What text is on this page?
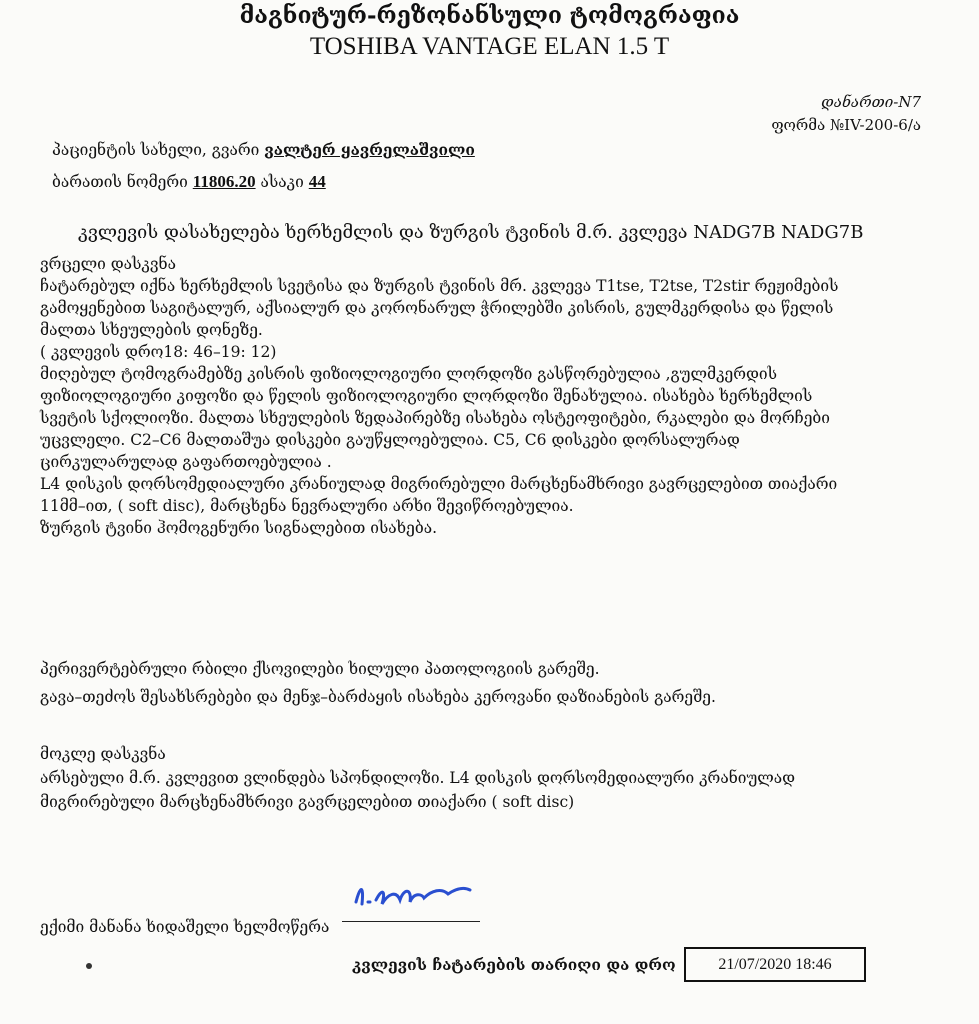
მაგნიტურ-რეზონანსული ტომოგრაფია
TOSHIBA VANTAGE ELAN 1.5 T
დანართი-N7
ფორმა №IV-200-6/ა
პაციენტის სახელი, გვარი ვალტერ ყავრელაშვილი
ბარათის ნომერი 11806.20 ასაკი 44
კვლევის დასახელება ხერხემლის და ზურგის ტვინის მ.რ. კვლევა NADG7B NADG7B
ვრცელი დასკვნა
ჩატარებულ იქნა ხერხემლის სვეტისა და ზურგის ტვინის მრ. კვლევა T1tse, T2tse, T2stir რეჟიმების
გამოყენებით საგიტალურ, აქსიალურ და კორონარულ ჭრილებში კისრის, გულმკერდისა და წელის
მალთა სხეულების დონეზე.
( კვლევის დრო18: 46–19: 12)
მიღებულ ტომოგრამებზე კისრის ფიზიოლოგიური ლორდოზი გასწორებულია ,გულმკერდის
ფიზიოლოგიური კიფოზი და წელის ფიზიოლოგიური ლორდოზი შენახულია. ისახება ხერხემლის
სვეტის სქოლიოზი. მალთა სხეულების ზედაპირებზე ისახება ოსტეოფიტები, რკალები და მორჩები
უცვლელი. C2–C6 მალთაშუა დისკები გაუწყლოებულია. C5, C6 დისკები დორსალურად
ცირკულარულად გაფართოებულია .
L4 დისკის დორსომედიალური კრანიულად მიგრირებული მარცხენამხრივი გავრცელებით თიაქარი
11მმ–ით, ( soft disc), მარცხენა ნევრალური არხი შევიწროებულია.
ზურგის ტვინი ჰომოგენური სიგნალებით ისახება.
პერივერტებრული რბილი ქსოვილები ხილული პათოლოგიის გარეშე.
გავა–თეძოს შესახსრებები და მენჯ–ბარძაყის ისახება კეროვანი დაზიანების გარეშე.
მოკლე დასკვნა
არსებული მ.რ. კვლევით ვლინდება სპონდილოზი. L4 დისკის დორსომედიალური კრანიულად
მიგრირებული მარცხენამხრივი გავრცელებით თიაქარი ( soft disc)
ექიმი მანანა ხიდაშელი ხელმოწერა
კვლევის ჩატარების თარიღი და დრო	21/07/2020 18:46
